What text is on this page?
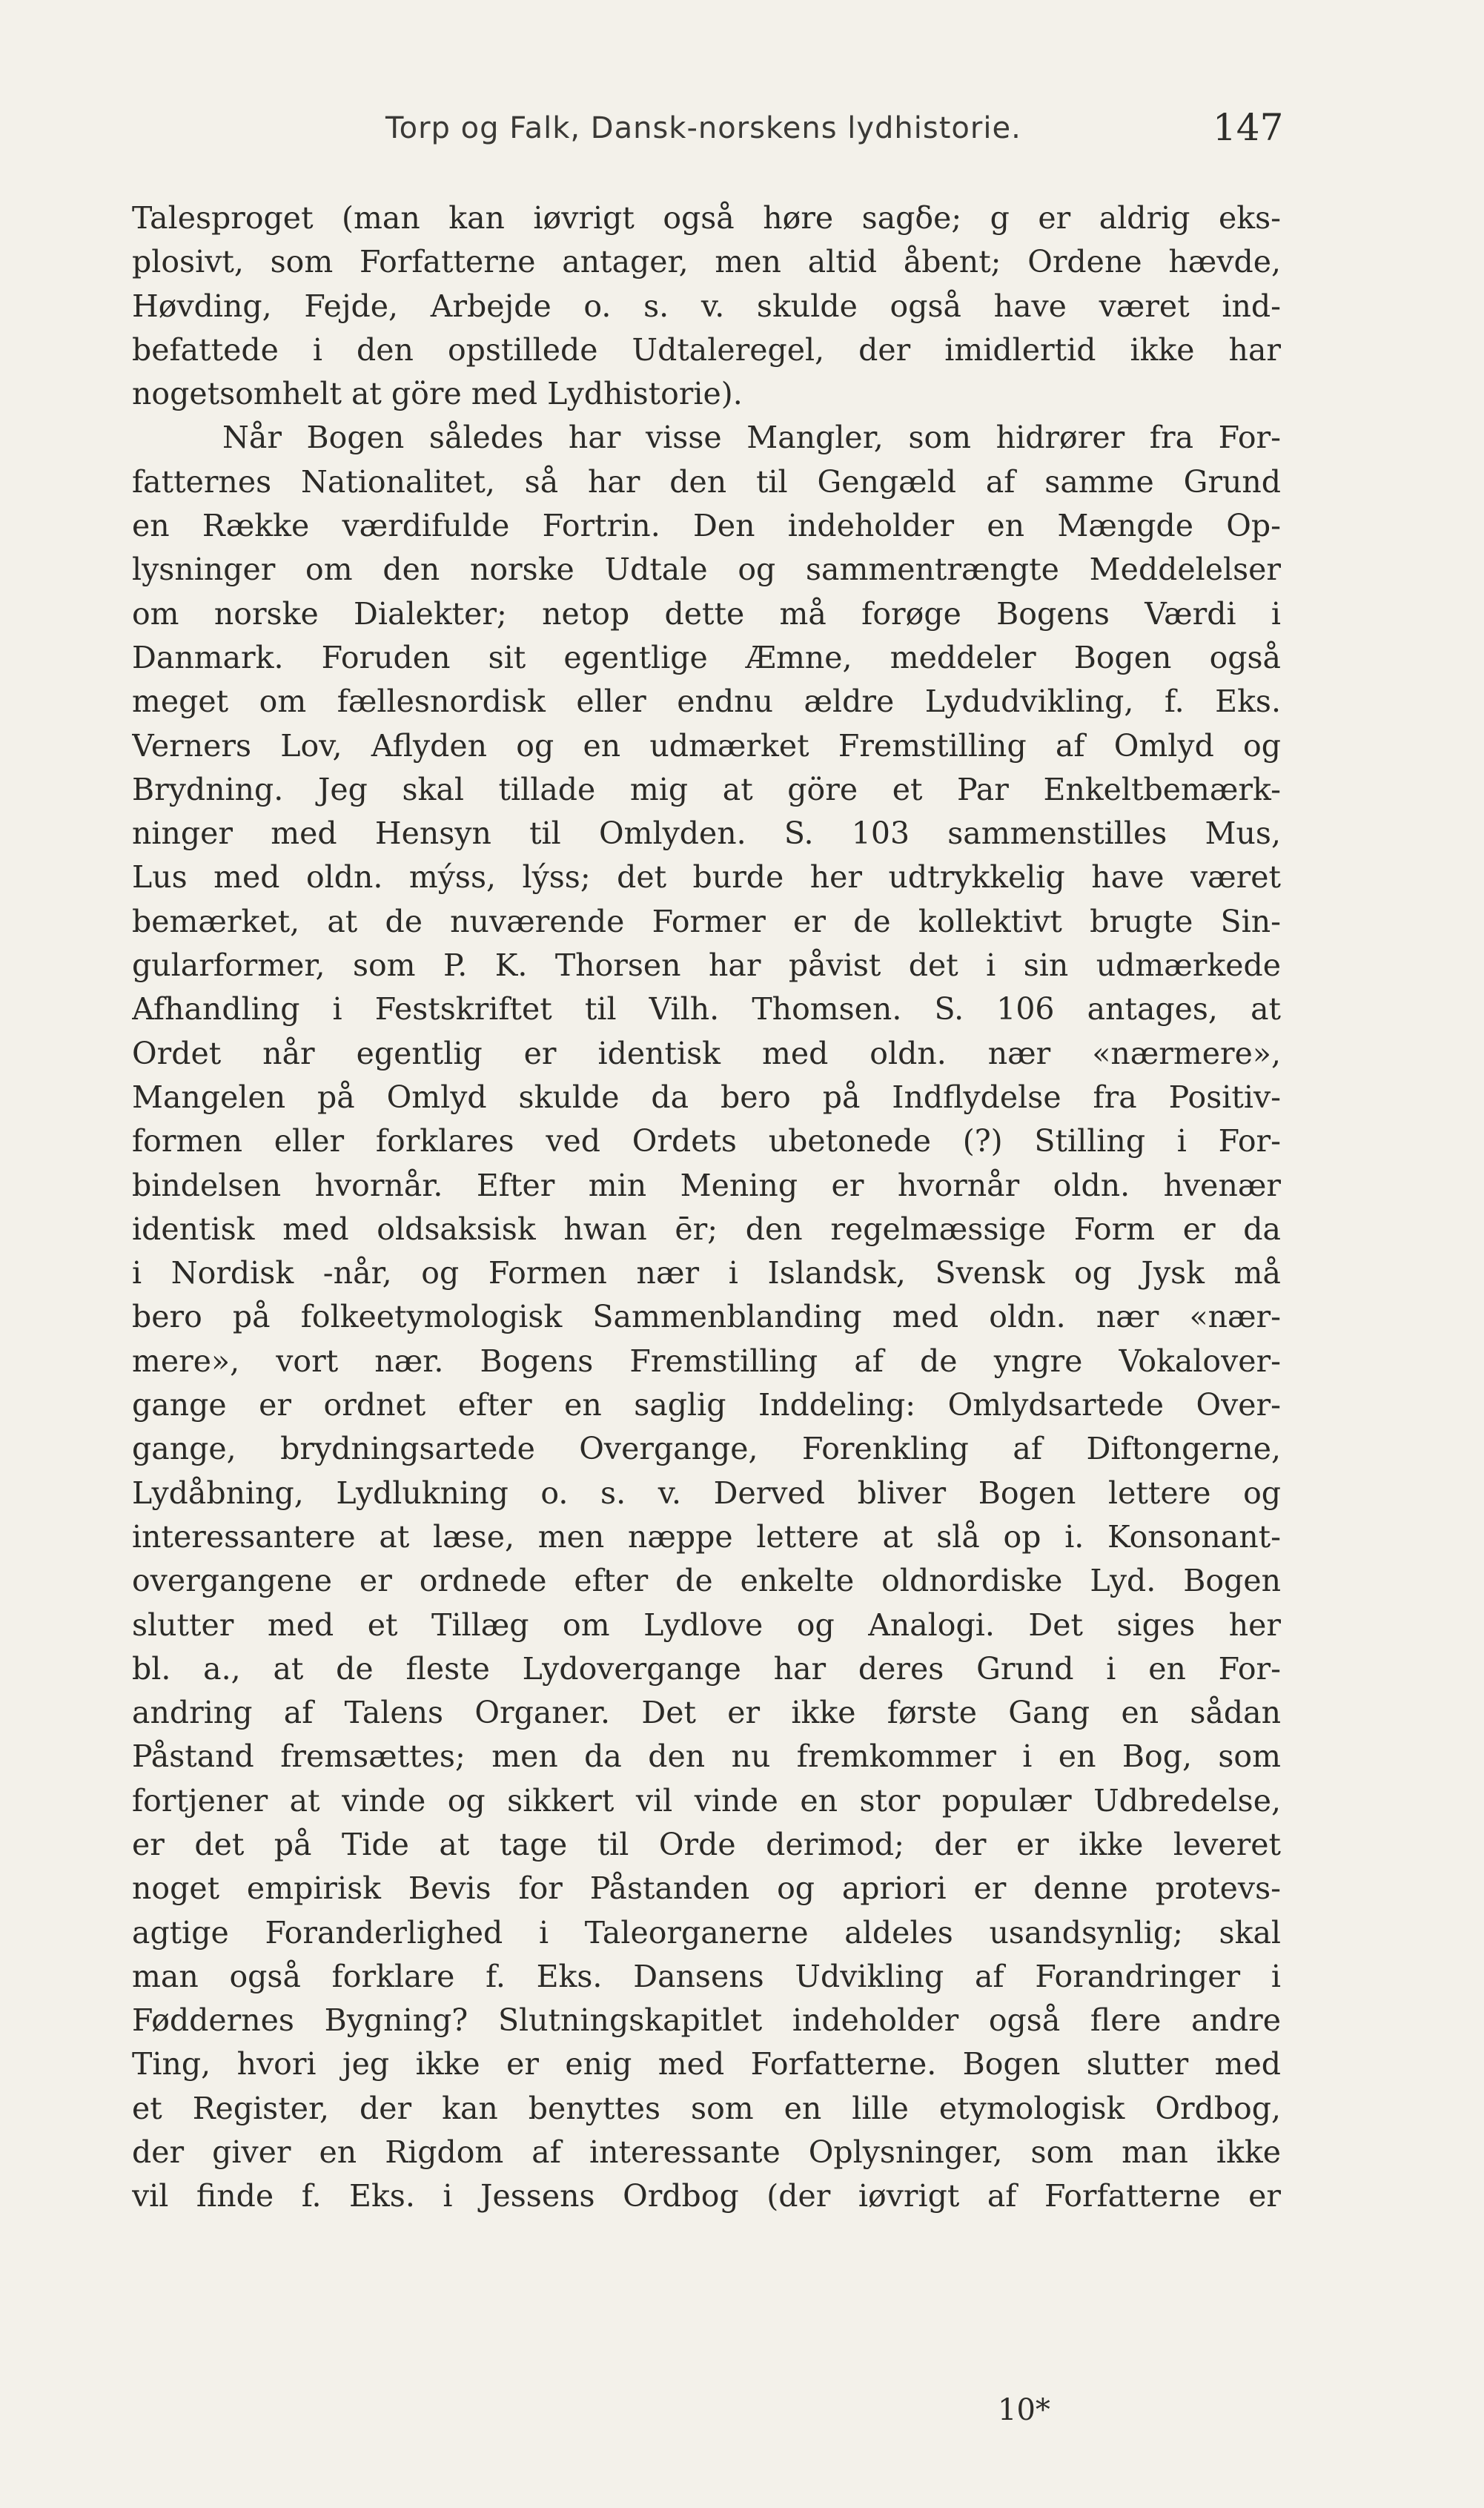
Torp og Falk, Dansk-norskens lydhistorie.	147
Talesproget (man kan iøvrigt også høre sagδe; g er aldrig eks-
plosivt, som Forfatterne antager, men altid åbent; Ordene hævde,
Høvding, Fejde, Arbejde o. s. v. skulde også have været ind-
befattede i den opstillede Udtaleregel, der imidlertid ikke har
nogetsomhelt at göre med Lydhistorie).
Når Bogen således har visse Mangler, som hidrører fra For-
fatternes Nationalitet, så har den til Gengæld af samme Grund
en Række værdifulde Fortrin. Den indeholder en Mængde Op-
lysninger om den norske Udtale og sammentrængte Meddelelser
om norske Dialekter; netop dette må forøge Bogens Værdi i
Danmark. Foruden sit egentlige Æmne, meddeler Bogen også
meget om fællesnordisk eller endnu ældre Lydudvikling, f. Eks.
Verners Lov, Aflyden og en udmærket Fremstilling af Omlyd og
Brydning. Jeg skal tillade mig at göre et Par Enkeltbemærk-
ninger med Hensyn til Omlyden. S. 103 sammenstilles Mus,
Lus med oldn. mýss, lýss; det burde her udtrykkelig have været
bemærket, at de nuværende Former er de kollektivt brugte Sin-
gularformer, som P. K. Thorsen har påvist det i sin udmærkede
Afhandling i Festskriftet til Vilh. Thomsen. S. 106 antages, at
Ordet når egentlig er identisk med oldn. nær «nærmere»,
Mangelen på Omlyd skulde da bero på Indflydelse fra Positiv-
formen eller forklares ved Ordets ubetonede (?) Stilling i For-
bindelsen hvornår. Efter min Mening er hvornår oldn. hvenær
identisk med oldsaksisk hwan ēr; den regelmæssige Form er da
i Nordisk -når, og Formen nær i Islandsk, Svensk og Jysk må
bero på folkeetymologisk Sammenblanding med oldn. nær «nær-
mere», vort nær. Bogens Fremstilling af de yngre Vokalover-
gange er ordnet efter en saglig Inddeling: Omlydsartede Over-
gange, brydningsartede Overgange, Forenkling af Diftongerne,
Lydåbning, Lydlukning o. s. v. Derved bliver Bogen lettere og
interessantere at læse, men næppe lettere at slå op i. Konsonant-
overgangene er ordnede efter de enkelte oldnordiske Lyd. Bogen
slutter med et Tillæg om Lydlove og Analogi. Det siges her
bl. a., at de fleste Lydovergange har deres Grund i en For-
andring af Talens Organer. Det er ikke første Gang en sådan
Påstand fremsættes; men da den nu fremkommer i en Bog, som
fortjener at vinde og sikkert vil vinde en stor populær Udbredelse,
er det på Tide at tage til Orde derimod; der er ikke leveret
noget empirisk Bevis for Påstanden og apriori er denne protevs-
agtige Foranderlighed i Taleorganerne aldeles usandsynlig; skal
man også forklare f. Eks. Dansens Udvikling af Forandringer i
Føddernes Bygning? Slutningskapitlet indeholder også flere andre
Ting, hvori jeg ikke er enig med Forfatterne. Bogen slutter med
et Register, der kan benyttes som en lille etymologisk Ordbog,
der giver en Rigdom af interessante Oplysninger, som man ikke
vil finde f. Eks. i Jessens Ordbog (der iøvrigt af Forfatterne er
10*
